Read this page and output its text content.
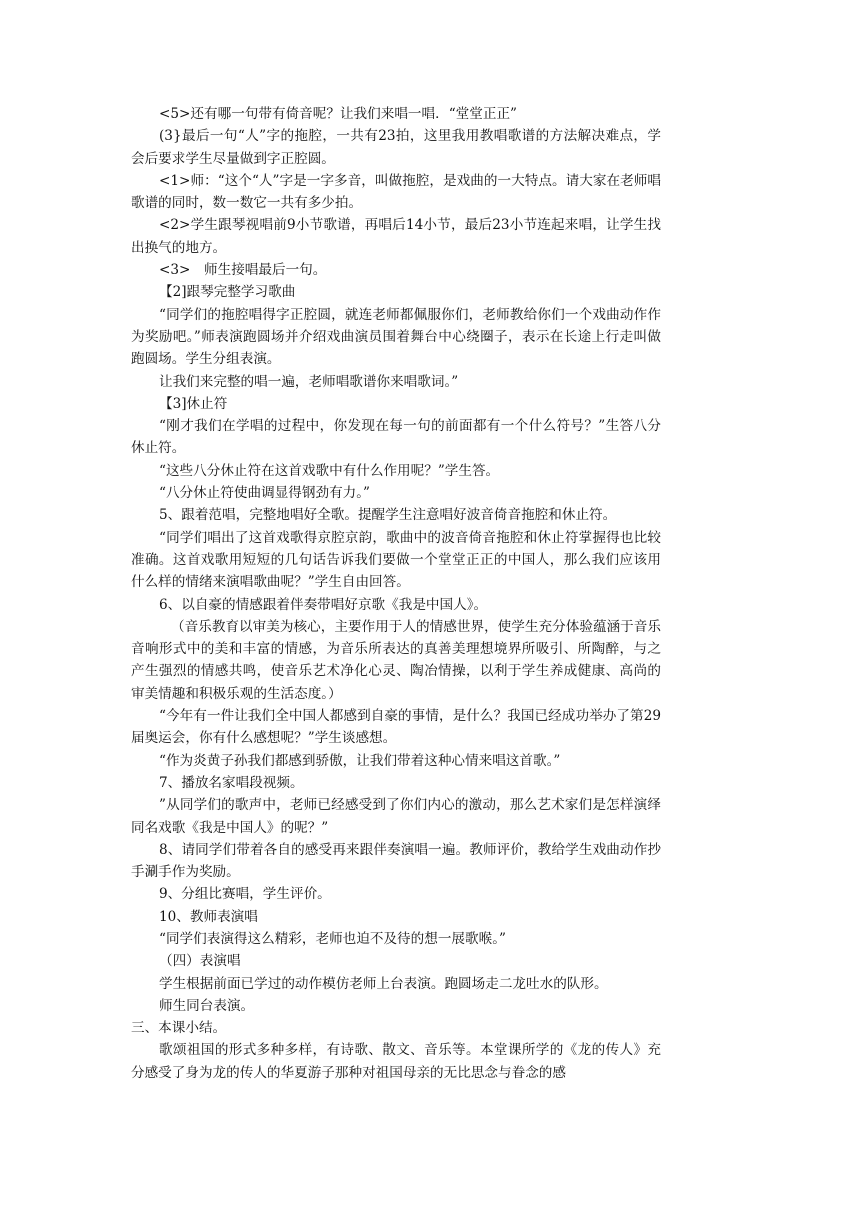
<5>还有哪一句带有倚音呢？让我们来唱一唱．“堂堂正正”

(3}最后一句“人”字的拖腔，一共有23拍，这里我用教唱歌谱的方法解决难点，学会后要求学生尽量做到字正腔圆。

<1>师：“这个“人”字是一字多音，叫做拖腔，是戏曲的一大特点。请大家在老师唱歌谱的同时，数一数它一共有多少拍。

<2>学生跟琴视唱前9小节歌谱，再唱后14小节，最后23小节连起来唱，让学生找出换气的地方。

<3>　师生接唱最后一句。

【2]跟琴完整学习歌曲

“同学们的拖腔唱得字正腔圆，就连老师都佩服你们，老师教给你们一个戏曲动作作为奖励吧。”师表演跑圆场并介绍戏曲演员围着舞台中心绕圈子，表示在长途上行走叫做跑圆场。学生分组表演。

让我们来完整的唱一遍，老师唱歌谱你来唱歌词。”

【3]休止符

“刚才我们在学唱的过程中，你发现在每一句的前面都有一个什么符号？”生答八分休止符。

“这些八分休止符在这首戏歌中有什么作用呢？”学生答。

“八分休止符使曲调显得钢劲有力。”

5、跟着范唱，完整地唱好全歌。提醒学生注意唱好波音倚音拖腔和休止符。

“同学们唱出了这首戏歌得京腔京韵，歌曲中的波音倚音拖腔和休止符掌握得也比较准确。这首戏歌用短短的几句话告诉我们要做一个堂堂正正的中国人，那么我们应该用什么样的情绪来演唱歌曲呢？”学生自由回答。

6、以自豪的情感跟着伴奏带唱好京歌《我是中国人》。

（音乐教育以审美为核心，主要作用于人的情感世界，使学生充分体验蕴涵于音乐音响形式中的美和丰富的情感，为音乐所表达的真善美理想境界所吸引、所陶醉，与之产生强烈的情感共鸣，使音乐艺术净化心灵、陶冶情操，以利于学生养成健康、高尚的审美情趣和积极乐观的生活态度。）

“今年有一件让我们全中国人都感到自豪的事情，是什么？我国已经成功举办了第29届奥运会，你有什么感想呢？”学生谈感想。

“作为炎黄子孙我们都感到骄傲，让我们带着这种心情来唱这首歌。”

7、播放名家唱段视频。

”从同学们的歌声中，老师已经感受到了你们内心的激动，那么艺术家们是怎样演绎同名戏歌《我是中国人》的呢？”

8、请同学们带着各自的感受再来跟伴奏演唱一遍。教师评价，教给学生戏曲动作抄手涮手作为奖励。

9、分组比赛唱，学生评价。

10、教师表演唱

“同学们表演得这么精彩，老师也迫不及待的想一展歌喉。”

（四）表演唱

学生根据前面已学过的动作模仿老师上台表演。跑圆场走二龙吐水的队形。

师生同台表演。

三、本课小结。

歌颂祖国的形式多种多样，有诗歌、散文、音乐等。本堂课所学的《龙的传人》充分感受了身为龙的传人的华夏游子那种对祖国母亲的无比思念与眷念的感
